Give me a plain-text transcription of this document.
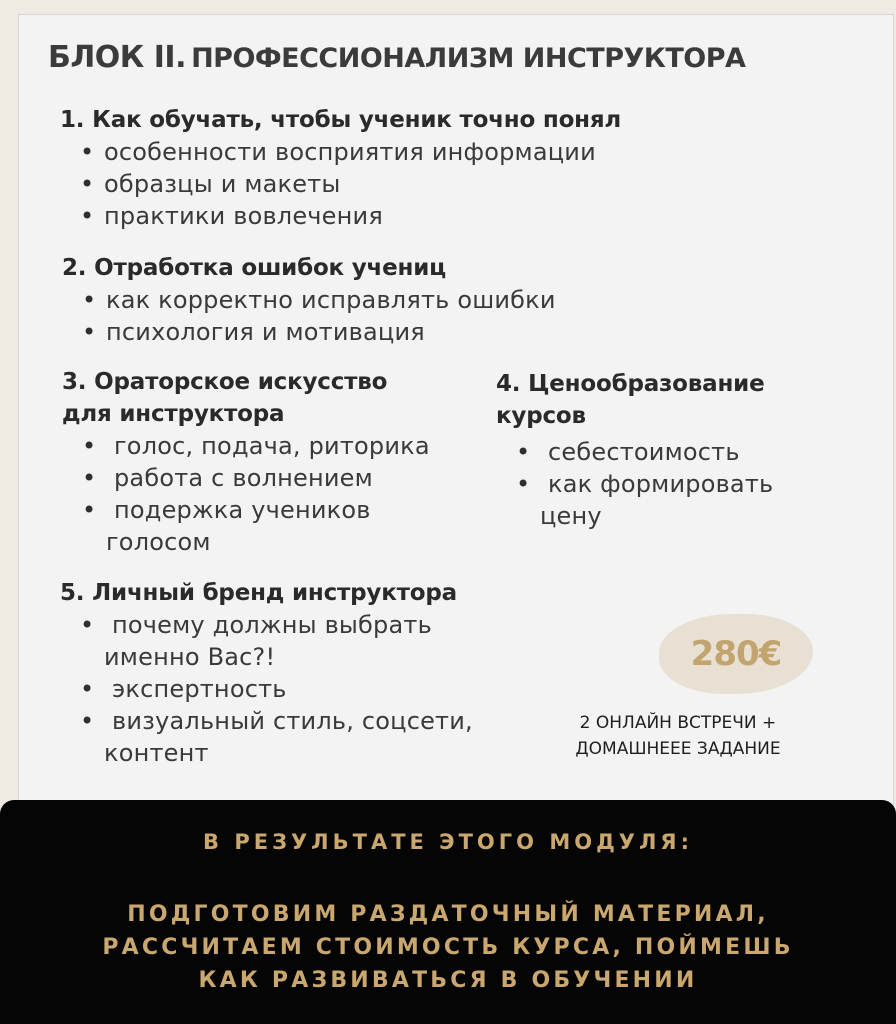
БЛОК II. ПРОФЕССИОНАЛИЗМ ИНСТРУКТОРА
1. Как обучать, чтобы ученик точно понял
• особенности восприятия информации
• образцы и макеты
• практики вовлечения
2. Отработка ошибок учениц
• как корректно исправлять ошибки
• психология и мотивация
3. Ораторское искусство
для инструктора
• голос, подача, риторика
• работа с волнением
• подержка учеников
голосом
4. Ценообразование
курсов
• себестоимость
• как формировать
цену
5. Личный бренд инструктора
• почему должны выбрать
именно Вас?!
• экспертность
• визуальный стиль, соцсети,
контент
280€
2 ОНЛАЙН ВСТРЕЧИ +
ДОМАШНЕЕЕ ЗАДАНИЕ
В РЕЗУЛЬТАТЕ ЭТОГО МОДУЛЯ:
ПОДГОТОВИМ РАЗДАТОЧНЫЙ МАТЕРИАЛ,
РАССЧИТАЕМ СТОИМОСТЬ КУРСА, ПОЙМЕШЬ
КАК РАЗВИВАТЬСЯ В ОБУЧЕНИИ
